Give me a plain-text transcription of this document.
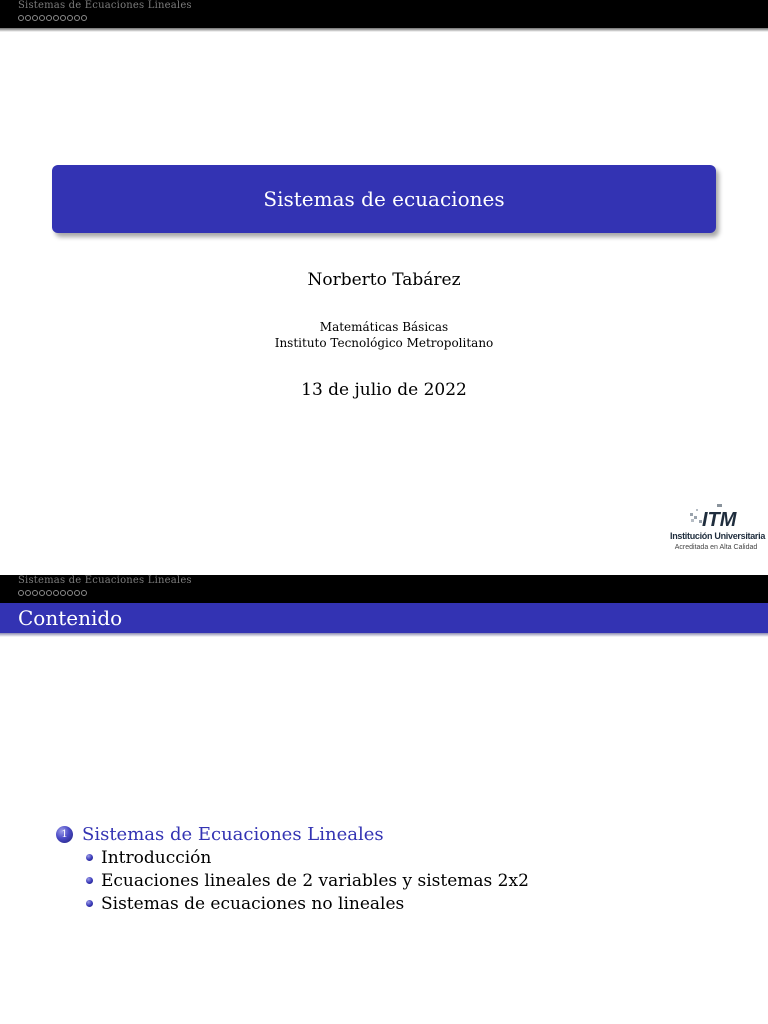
Sistemas de Ecuaciones Lineales
Sistemas de ecuaciones
Norberto Tabárez
Matemáticas Básicas
Instituto Tecnológico Metropolitano
13 de julio de 2022
ITM
Institución Universitaria
Acreditada en Alta Calidad
Sistemas de Ecuaciones Lineales
Contenido
1 Sistemas de Ecuaciones Lineales
Introducción
Ecuaciones lineales de 2 variables y sistemas 2x2
Sistemas de ecuaciones no lineales
